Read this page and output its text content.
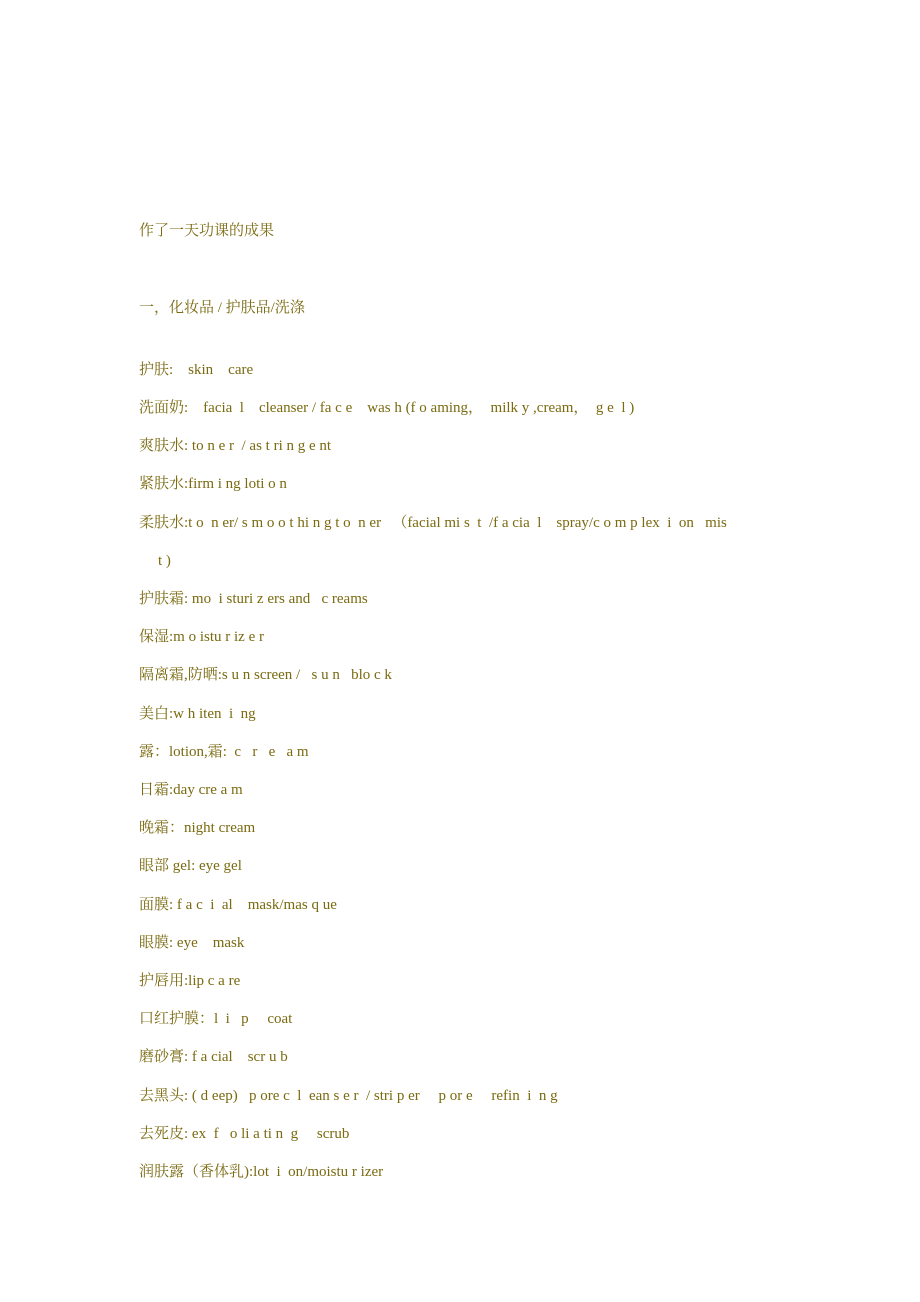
作了一天功课的成果
一，化妆品 / 护肤品/洗涤
护肤:    skin    care
洗面奶:    facia  l    cleanser / fa c e    was h (f o aming，  milk y ,cream，  g e  l )
爽肤水: to n e r  / as t ri n g e nt
紧肤水:firm i ng loti o n
柔肤水:t o  n er/ s m o o t hi n g t o  n er   （facial mi s  t  /f a cia  l    spray/c o m p lex  i  on   mis
t )
护肤霜: mo  i sturi z ers and   c reams
保湿:m o istu r iz e r
隔离霜,防晒:s u n screen /   s u n   blo c k
美白:w h iten  i  ng
露：lotion,霜:  c   r   e   a m
日霜:day cre a m
晚霜：night cream
眼部 gel: eye gel
面膜: f a c  i  al    mask/mas q ue
眼膜: eye    mask
护唇用:lip c a re
口红护膜：l  i   p     coat
磨砂膏: f a cial    scr u b
去黑头: ( d eep)   p ore c  l  ean s e r  / stri p er     p or e     refin  i  n g
去死皮: ex  f   o li a ti n  g     scrub
润肤露（香体乳):lot  i  on/moistu r izer
